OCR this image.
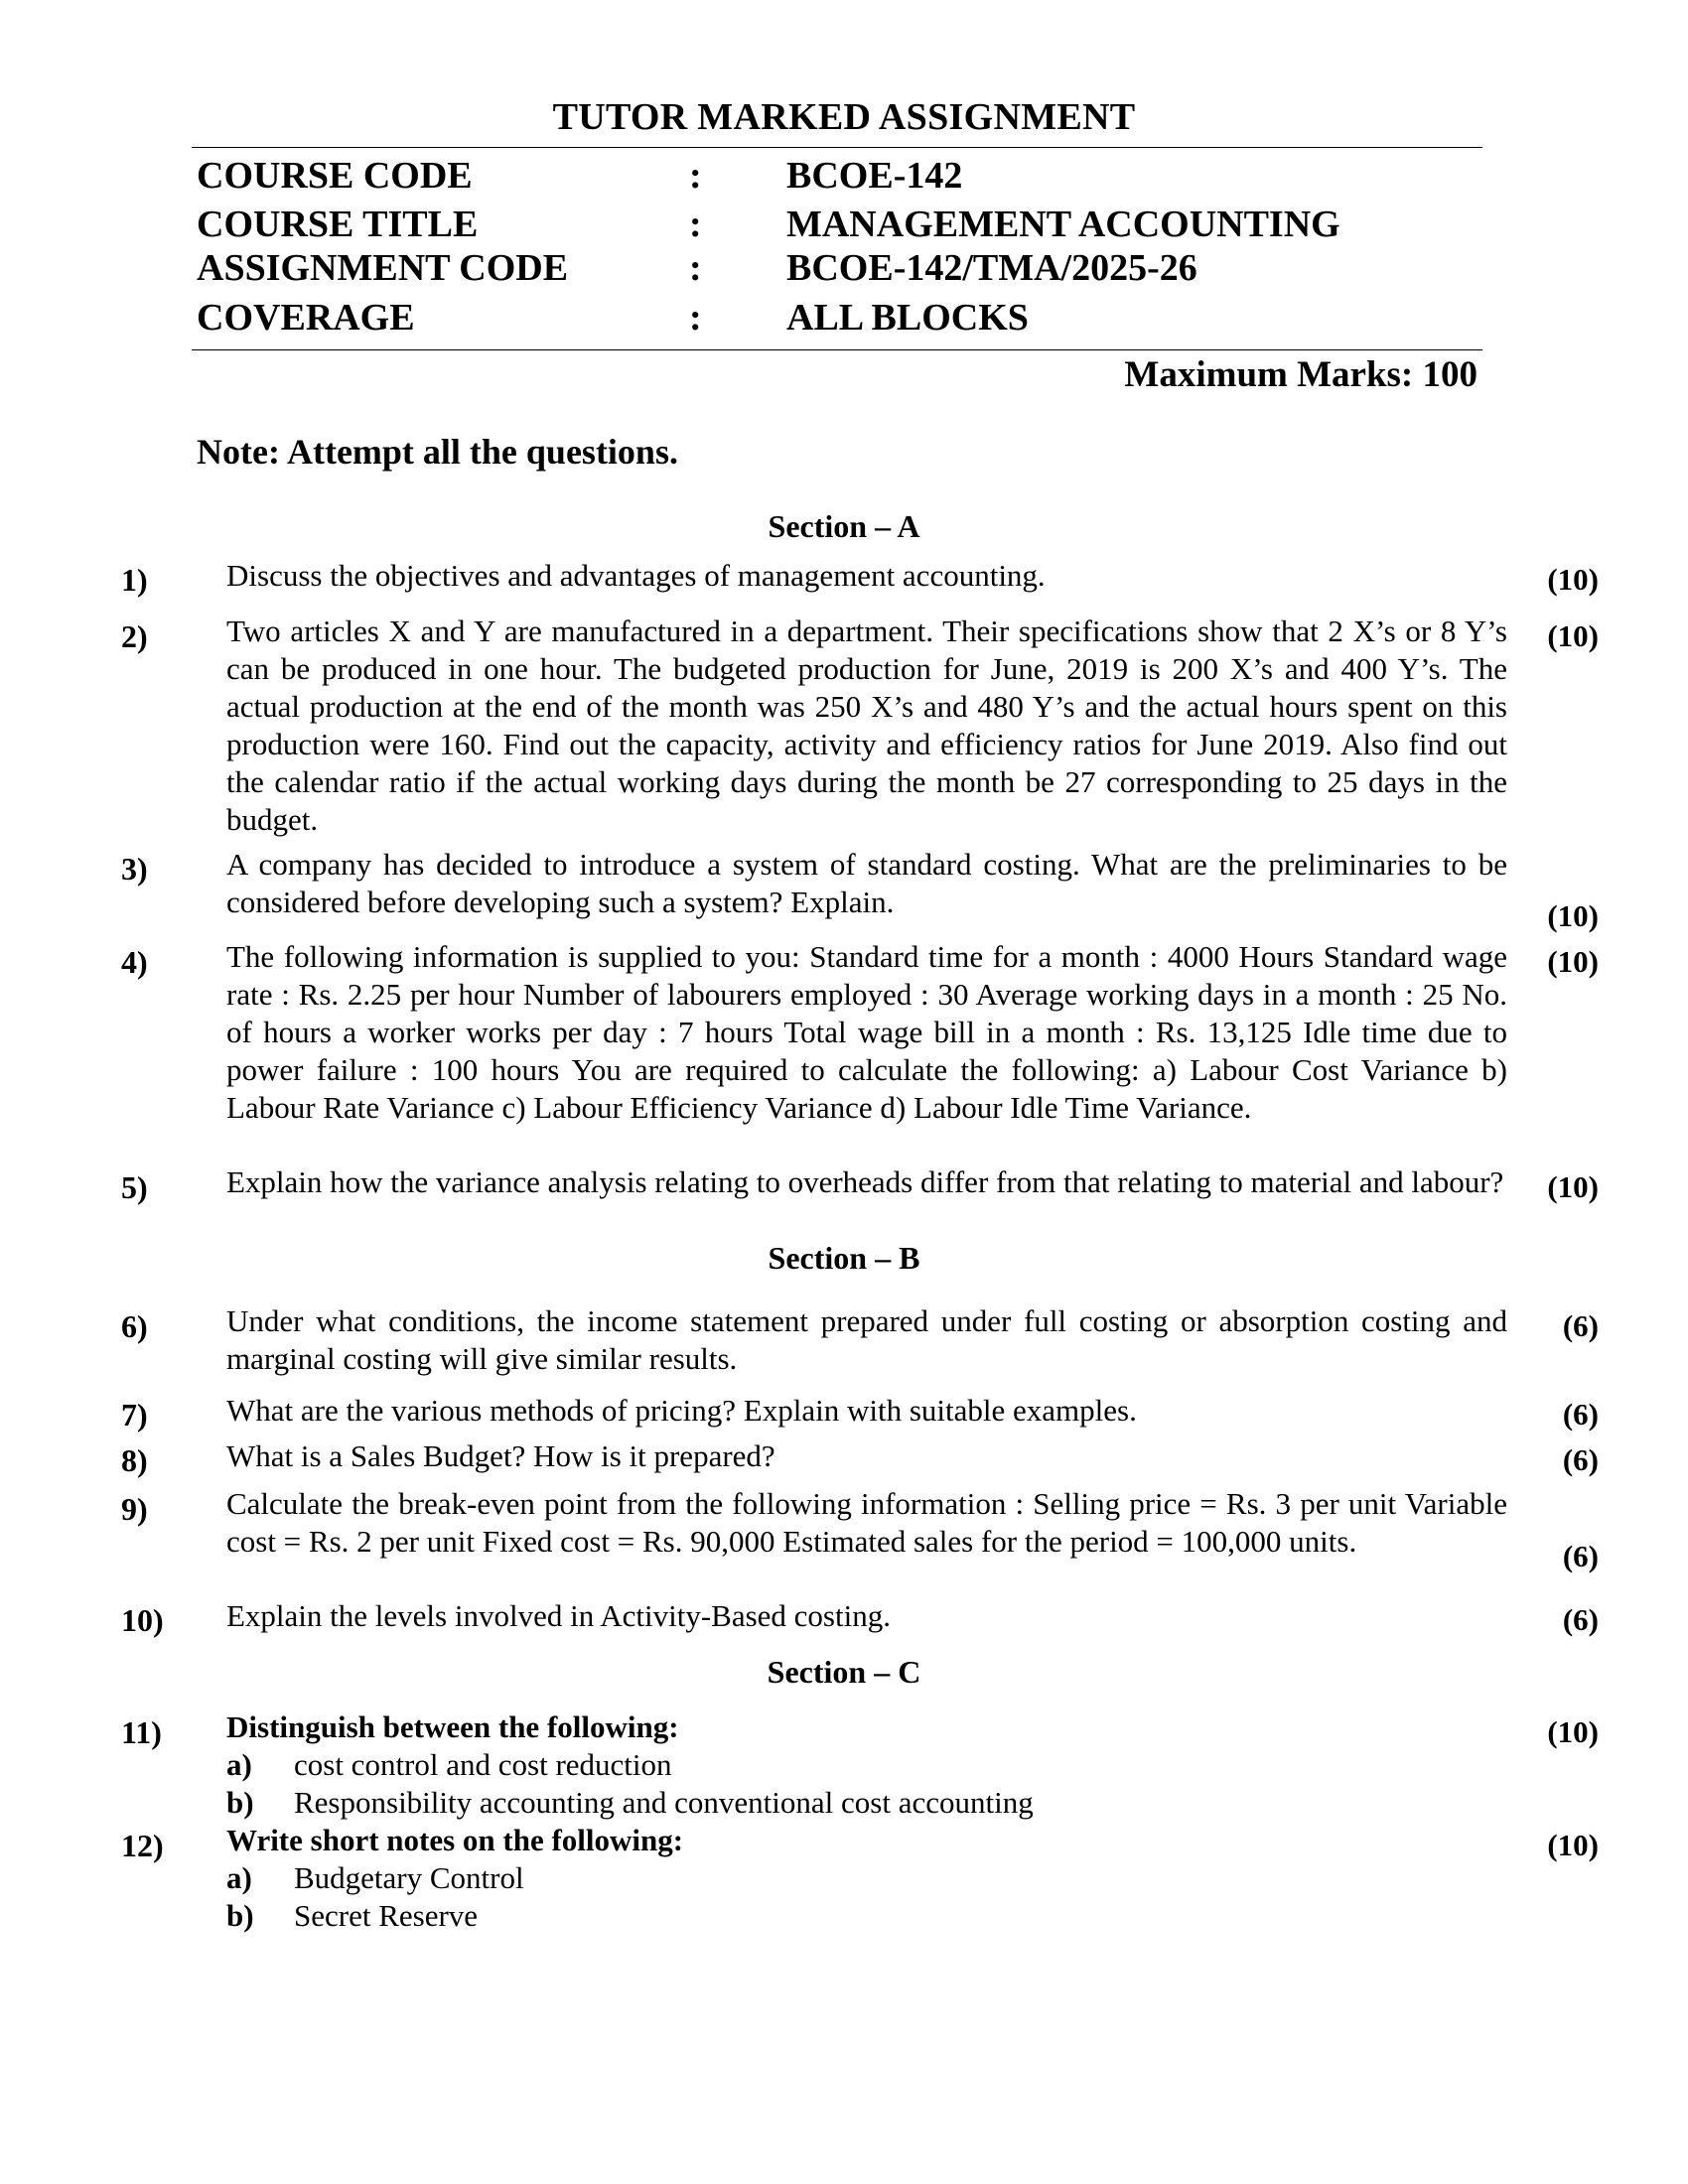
TUTOR MARKED ASSIGNMENT
COURSE CODE	: BCOE-142
COURSE TITLE	: MANAGEMENT ACCOUNTING
ASSIGNMENT CODE	: BCOE-142/TMA/2025-26
COVERAGE	: ALL BLOCKS
Maximum Marks: 100
Note: Attempt all the questions.
Section – A
1)	Discuss the objectives and advantages of management accounting.	(10)
2)	Two articles X and Y are manufactured in a department. Their specifications show that 2 X’s or 8 Y’s can be produced in one hour. The budgeted production for June, 2019 is 200 X’s and 400 Y’s. The actual production at the end of the month was 250 X’s and 480 Y’s and the actual hours spent on this production were 160. Find out the capacity, activity and efficiency ratios for June 2019. Also find out the calendar ratio if the actual working days during the month be 27 corresponding to 25 days in the budget.
(10)
3)	A company has decided to introduce a system of standard costing. What are the preliminaries to be considered before developing such a system? Explain.	(10)
4)	The following information is supplied to you: Standard time for a month : 4000 Hours Standard wage rate : Rs. 2.25 per hour Number of labourers employed : 30 Average working days in a month : 25 No. of hours a worker works per day : 7 hours Total wage bill in a month : Rs. 13,125 Idle time due to power failure : 100 hours You are required to calculate the following: a) Labour Cost Variance b) Labour Rate Variance c) Labour Efficiency Variance d) Labour Idle Time Variance.
(10)
5)	Explain how the variance analysis relating to overheads differ from that relating to material and labour? (10)
Section – B
6)	Under what conditions, the income statement prepared under full costing or absorption costing and marginal costing will give similar results.
(6)
7)	What are the various methods of pricing? Explain with suitable examples.	(6)
8)	What is a Sales Budget? How is it prepared?	(6)
9)	Calculate the break-even point from the following information : Selling price = Rs. 3 per unit Variable cost = Rs. 2 per unit Fixed cost = Rs. 90,000 Estimated sales for the period = 100,000 units.	(6)
10) Explain the levels involved in Activity-Based costing.	(6)
Section – C
11) Distinguish between the following:	(10)
a) cost control and cost reduction
b) Responsibility accounting and conventional cost accounting
12) Write short notes on the following:	(10)
a) Budgetary Control
b) Secret Reserve
